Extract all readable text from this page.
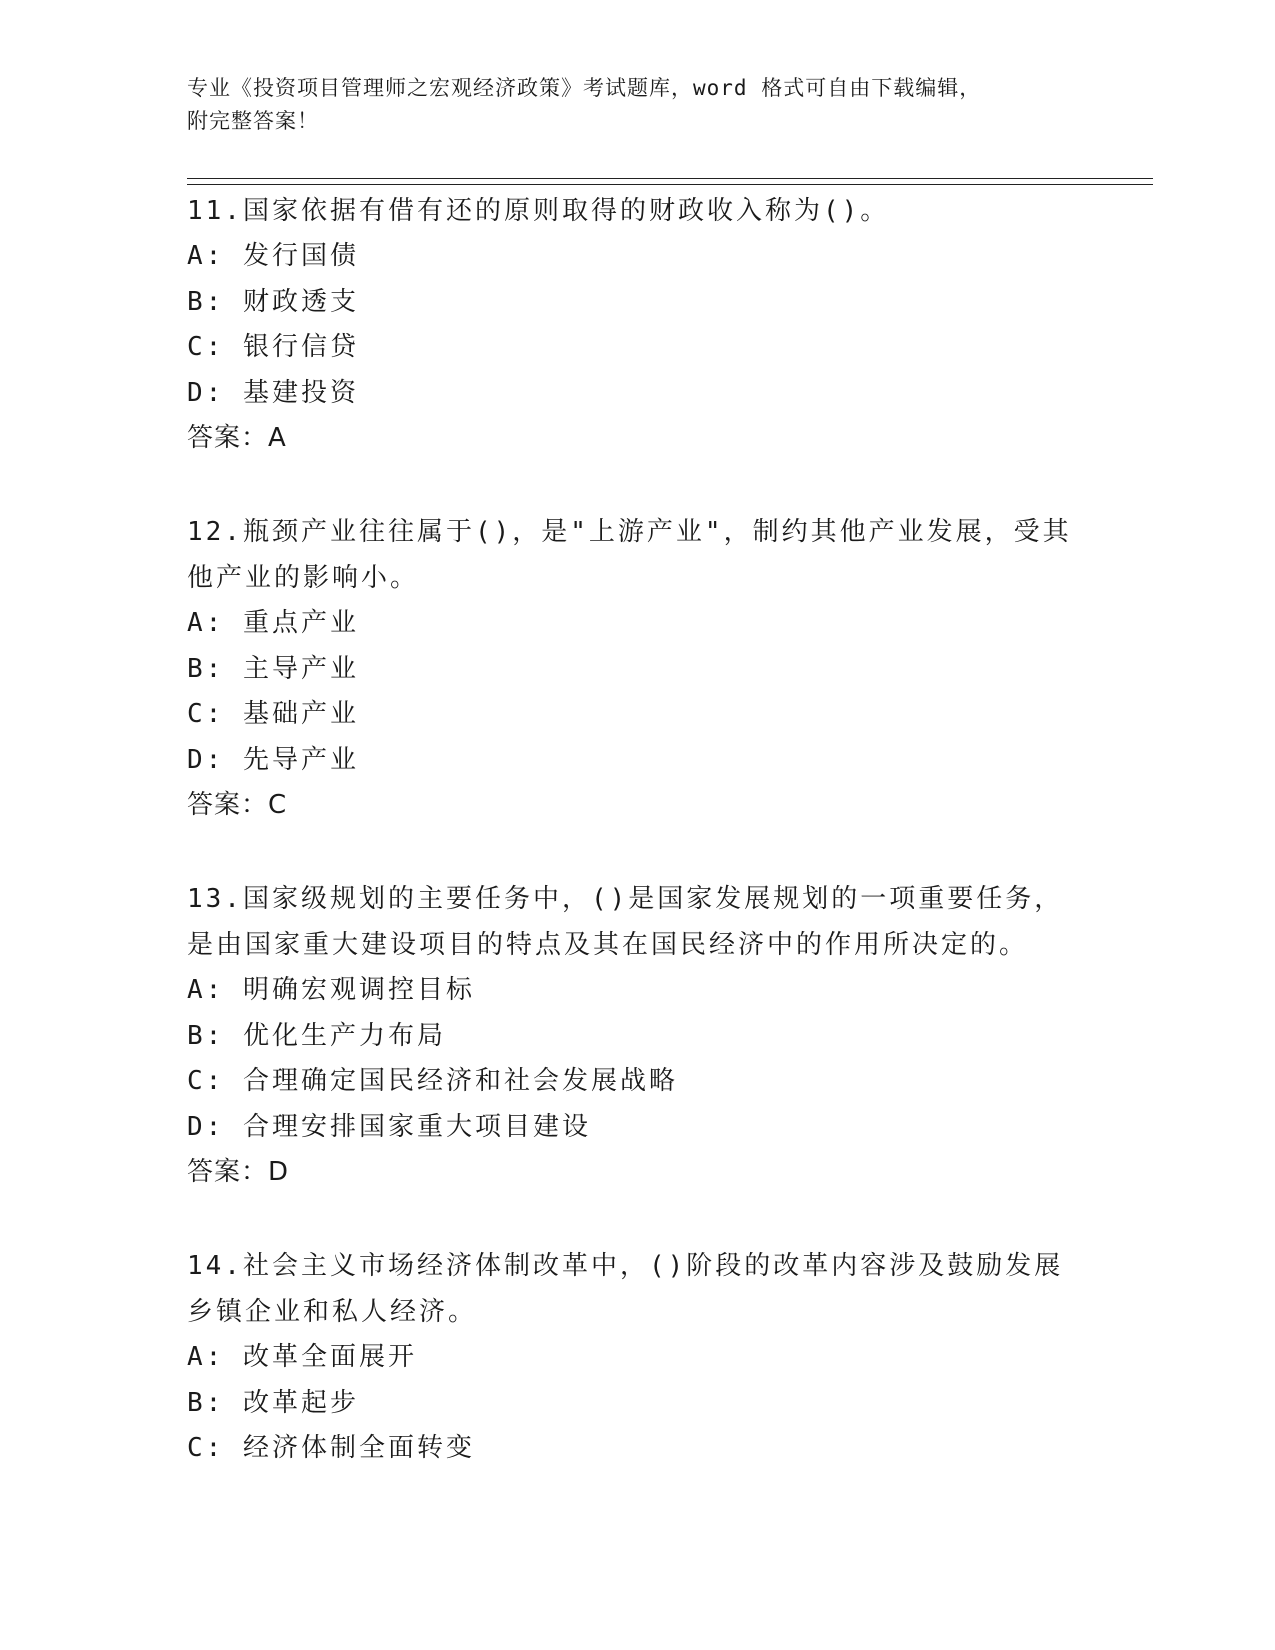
专业《投资项目管理师之宏观经济政策》考试题库，word 格式可自由下载编辑，
附完整答案！

11.国家依据有借有还的原则取得的财政收入称为()。

A: 发行国债
B: 财政透支
C: 银行信贷
D: 基建投资
答案：A

12.瓶颈产业往往属于()，是"上游产业"，制约其他产业发展，受其他产业的影响小。

A: 重点产业
B: 主导产业
C: 基础产业
D: 先导产业
答案：C

13.国家级规划的主要任务中，()是国家发展规划的一项重要任务，是由国家重大建设项目的特点及其在国民经济中的作用所决定的。

A: 明确宏观调控目标
B: 优化生产力布局
C: 合理确定国民经济和社会发展战略
D: 合理安排国家重大项目建设
答案：D

14.社会主义市场经济体制改革中，()阶段的改革内容涉及鼓励发展乡镇企业和私人经济。

A: 改革全面展开
B: 改革起步
C: 经济体制全面转变
